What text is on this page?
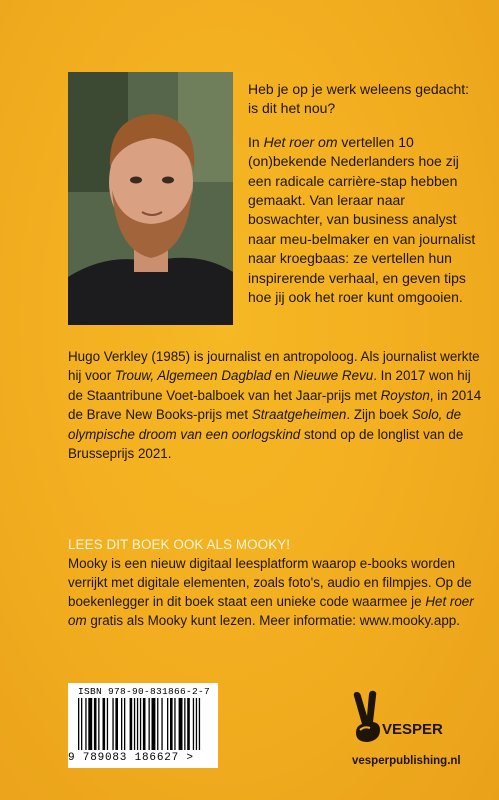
Heb je op je werk weleens gedacht: is dit het nou?

In Het roer om vertellen 10 (on)bekende Nederlanders hoe zij een radicale carrière-stap hebben gemaakt. Van leraar naar boswachter, van business analyst naar meu-belmaker en van journalist naar kroegbaas: ze vertellen hun inspirerende verhaal, en geven tips hoe jij ook het roer kunt omgooien.

Hugo Verkley (1985) is journalist en antropoloog. Als journalist werkte hij voor Trouw, Algemeen Dagblad en Nieuwe Revu. In 2017 won hij de Staantribune Voet-balboek van het Jaar-prijs met Royston, in 2014 de Brave New Books-prijs met Straatgeheimen. Zijn boek Solo, de olympische droom van een oorlogskind stond op de longlist van de Brusseprijs 2021.

LEES DIT BOEK OOK ALS MOOKY!

Mooky is een nieuw digitaal leesplatform waarop e-books worden verrijkt met digitale elementen, zoals foto's, audio en filmpjes. Op de boekenlegger in dit boek staat een unieke code waarmee je Het roer om gratis als Mooky kunt lezen. Meer informatie: www.mooky.app.

ISBN 978-90-831866-2-7
9 789083 186627 >
VESPER
vesperpublishing.nl
